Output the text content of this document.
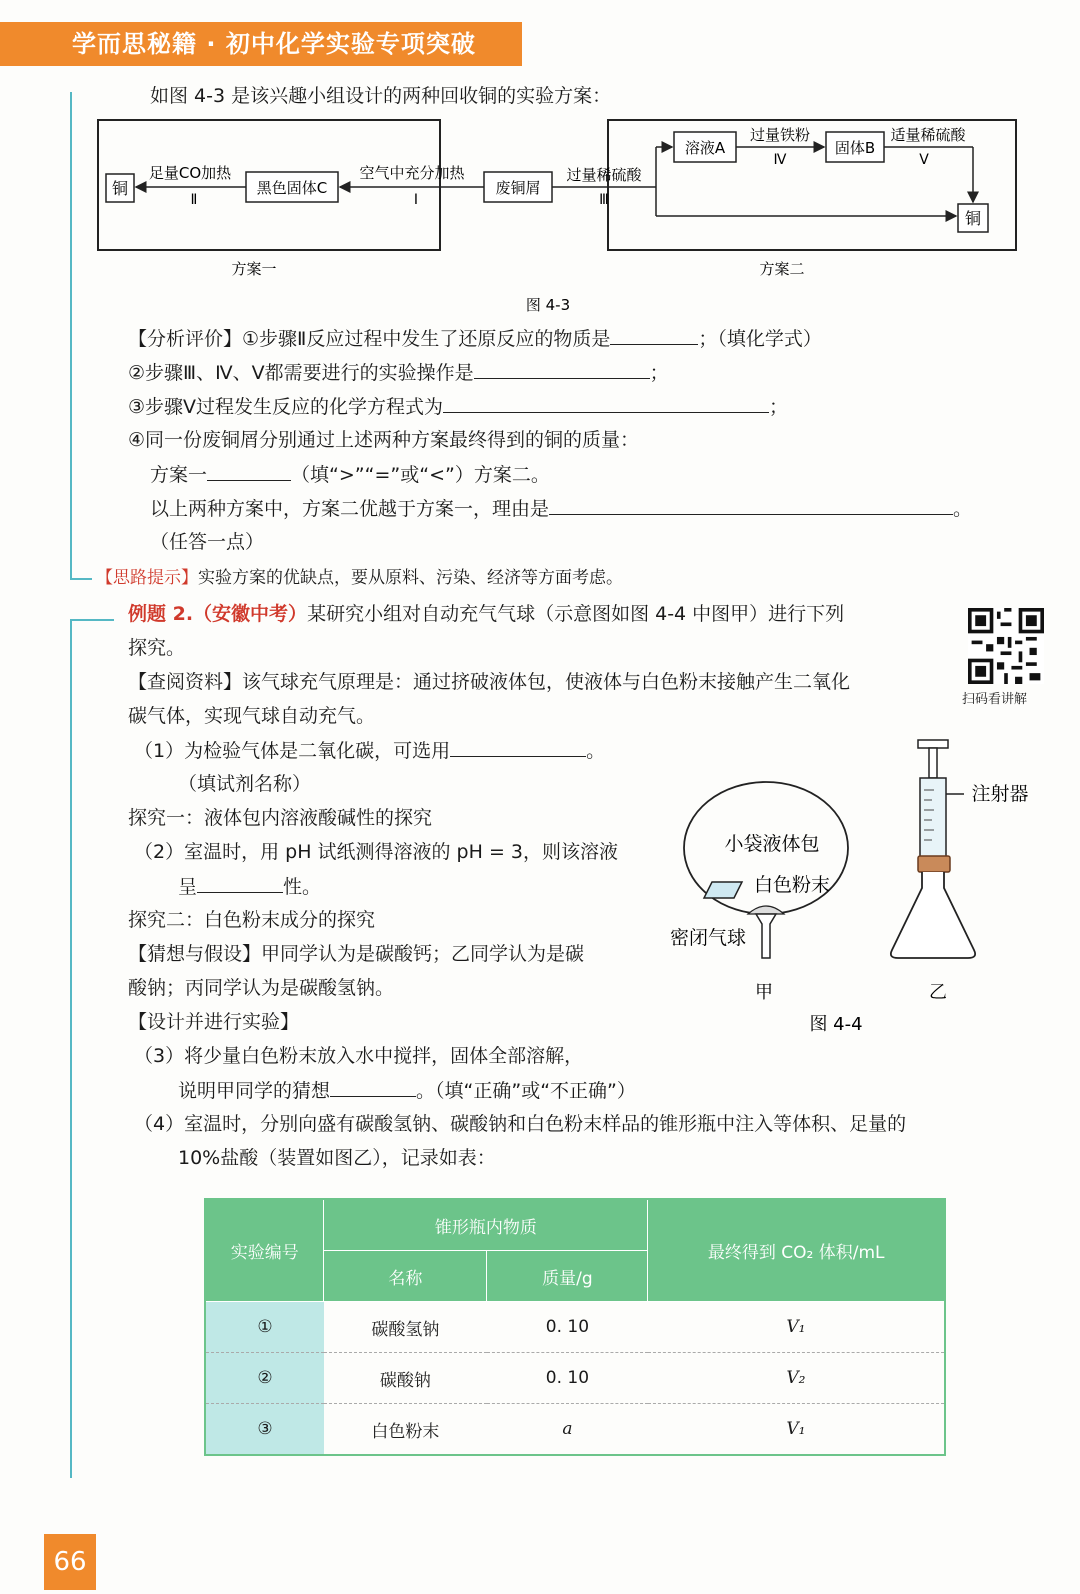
学而思秘籍 · 初中化学实验专项突破
如图 4-3 是该兴趣小组设计的两种回收铜的实验方案：
铜	黑色固体C	废铜屑
溶液A	固体B
铜
足量CO加热
Ⅱ
空气中充分加热
Ⅰ
过量稀硫酸
Ⅲ
过量铁粉
Ⅳ
适量稀硫酸
Ⅴ
方案一	方案二
图 4-3
【分析评价】①步骤Ⅱ反应过程中发生了还原反应的物质是	；（填化学式）
②步骤Ⅲ、Ⅳ、Ⅴ都需要进行的实验操作是	；
③步骤Ⅴ过程发生反应的化学方程式为	；
④同一份废铜屑分别通过上述两种方案最终得到的铜的质量：
方案一	（填“>”“=”或“<”）方案二。
以上两种方案中，方案二优越于方案一，理由是	。
（任答一点）
【思路提示】实验方案的优缺点，要从原料、污染、经济等方面考虑。
例题 2.（安徽中考）某研究小组对自动充气气球（示意图如图 4-4 中图甲）进行下列
探究。
扫码看讲解
【查阅资料】该气球充气原理是：通过挤破液体包，使液体与白色粉末接触产生二氧化
碳气体，实现气球自动充气。
（1）为检验气体是二氧化碳，可选用	。
（填试剂名称）
探究一：液体包内溶液酸碱性的探究
（2）室温时，用 pH 试纸测得溶液的 pH = 3，则该溶液
呈	性。
探究二：白色粉末成分的探究
【猜想与假设】甲同学认为是碳酸钙；乙同学认为是碳
酸钠；丙同学认为是碳酸氢钠。
【设计并进行实验】
（3）将少量白色粉末放入水中搅拌，固体全部溶解，
说明甲同学的猜想	。（填“正确”或“不正确”）
（4）室温时，分别向盛有碳酸氢钠、碳酸钠和白色粉末样品的锥形瓶中注入等体积、足量的
10%盐酸（装置如图乙），记录如表：
小袋液体包
白色粉末
密闭气球
甲
注射器
乙
图 4-4
实验编号	锥形瓶内物质		最终得到 CO₂ 体积/mL
	名称	质量/g	
①	碳酸氢钠	0. 10	V₁
②	碳酸钠	0. 10	V₂
③	白色粉末	a	V₁
66
